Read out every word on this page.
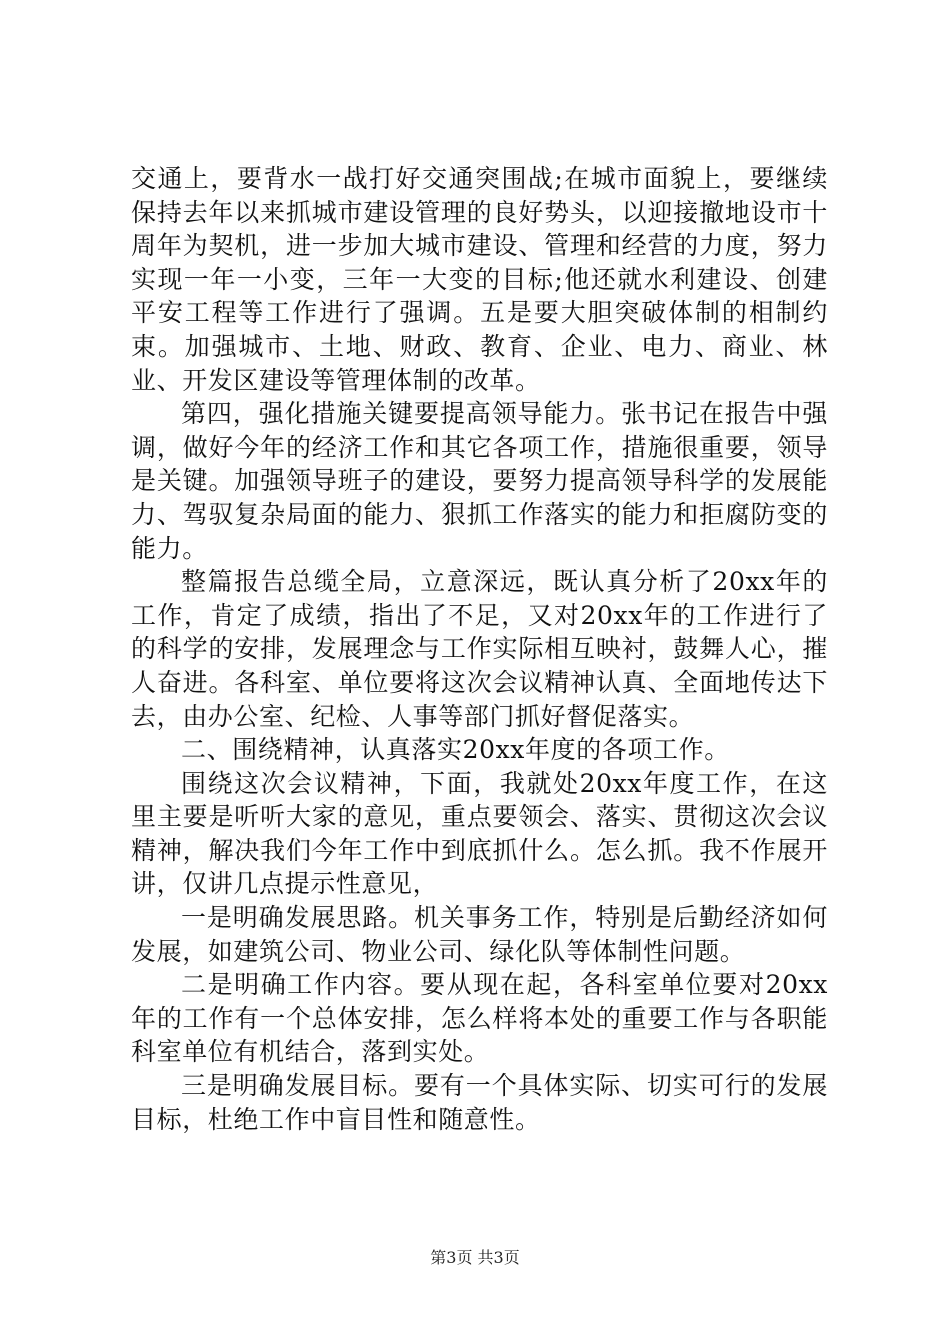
交通上，要背水一战打好交通突围战;在城市面貌上，要继续保持去年以来抓城市建设管理的良好势头，以迎接撤地设市十周年为契机，进一步加大城市建设、管理和经营的力度，努力实现一年一小变，三年一大变的目标;他还就水利建设、创建平安工程等工作进行了强调。五是要大胆突破体制的相制约束。加强城市、土地、财政、教育、企业、电力、商业、林业、开发区建设等管理体制的改革。

第四，强化措施关键要提高领导能力。张书记在报告中强调，做好今年的经济工作和其它各项工作，措施很重要，领导是关键。加强领导班子的建设，要努力提高领导科学的发展能力、驾驭复杂局面的能力、狠抓工作落实的能力和拒腐防变的能力。

整篇报告总缆全局，立意深远，既认真分析了20xx年的工作，肯定了成绩，指出了不足，又对20xx年的工作进行了的科学的安排，发展理念与工作实际相互映衬，鼓舞人心，摧人奋进。各科室、单位要将这次会议精神认真、全面地传达下去，由办公室、纪检、人事等部门抓好督促落实。

二、围绕精神，认真落实20xx年度的各项工作。

围绕这次会议精神，下面，我就处20xx年度工作，在这里主要是听听大家的意见，重点要领会、落实、贯彻这次会议精神，解决我们今年工作中到底抓什么。怎么抓。我不作展开讲，仅讲几点提示性意见，

一是明确发展思路。机关事务工作，特别是后勤经济如何发展，如建筑公司、物业公司、绿化队等体制性问题。

二是明确工作内容。要从现在起，各科室单位要对20xx年的工作有一个总体安排，怎么样将本处的重要工作与各职能科室单位有机结合，落到实处。

三是明确发展目标。要有一个具体实际、切实可行的发展目标，杜绝工作中盲目性和随意性。

第3页 共3页
